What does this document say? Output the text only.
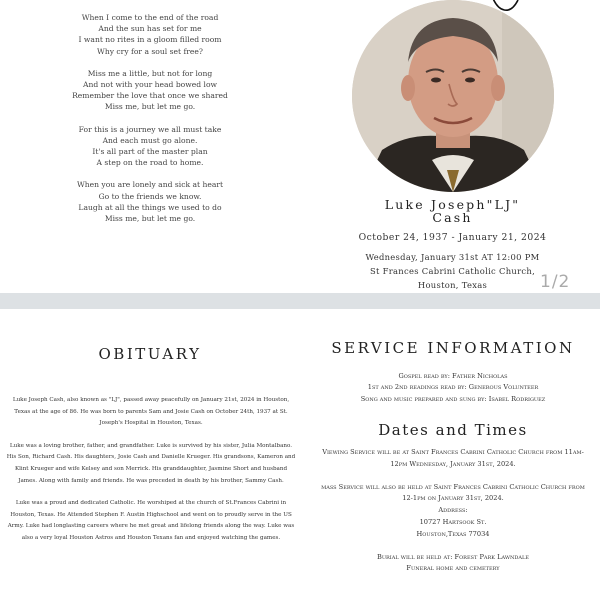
When I come to the end of the road
And the sun has set for me
I want no rites in a gloom filled room
Why cry for a soul set free?
Miss me a little, but not for long
And not with your head bowed low
Remember the love that once we shared
Miss me, but let me go.
For this is a journey we all must take
And each must go alone.
It's all part of the master plan
A step on the road to home.
When you are lonely and sick at heart
Go to the friends we know.
Laugh at all the things we used to do
Miss me, but let me go.
Luke Joseph"LJ"
Cash
October 24, 1937 - January 21, 2024
Wednesday, January 31st AT 12:00 PM
St Frances Cabrini Catholic Church,
Houston, Texas	1/2
OBITUARY

Luke Joseph Cash, also known as "LJ", passed away peacefully on January 21st, 2024 in Houston, Texas at the age of 86. He was born to parents Sam and Josie Cash on October 24th, 1937 at St. Joseph's Hospital in Houston, Texas.

Luke was a loving brother, father, and grandfather. Luke is survived by his sister, Julia Montalbano. His Son, Richard Cash. His daughters, Josie Cash and Danielle Krueger. His grandsons, Kameron and Klint Krueger and wife Kelsey and son Merrick. His granddaughter, Jasmine Short and husband James. Along with family and friends. He was preceded in death by his brother, Sammy Cash.

Luke was a proud and dedicated Catholic. He worshiped at the church of St.Frances Cabrini in Houston, Texas. He Attended Stephen F. Austin Highschool and went on to proudly serve in the US Army. Luke had longlasting careers where he met great and lifelong friends along the way. Luke was also a very loyal Houston Astros and Houston Texans fan and enjoyed watching the games.

SERVICE INFORMATION
Gospel read by: Father Nicholas
1st and 2nd readings read by: Generous Volunteer
Song and music prepared and sung by: Isabel Rodriguez
Dates and Times

Viewing Service will be at Saint Frances Cabrini Catholic Church from 11am-12pm Wednesday, January 31st, 2024.

mass Service will also be held at Saint Frances Cabrini Catholic Church from 12-1pm on January 31st, 2024.
Address:
10727 Hartsook St.
Houston,Texas 77034

Burial will be held at: Forest Park Lawndale
Funeral home and cemetery
